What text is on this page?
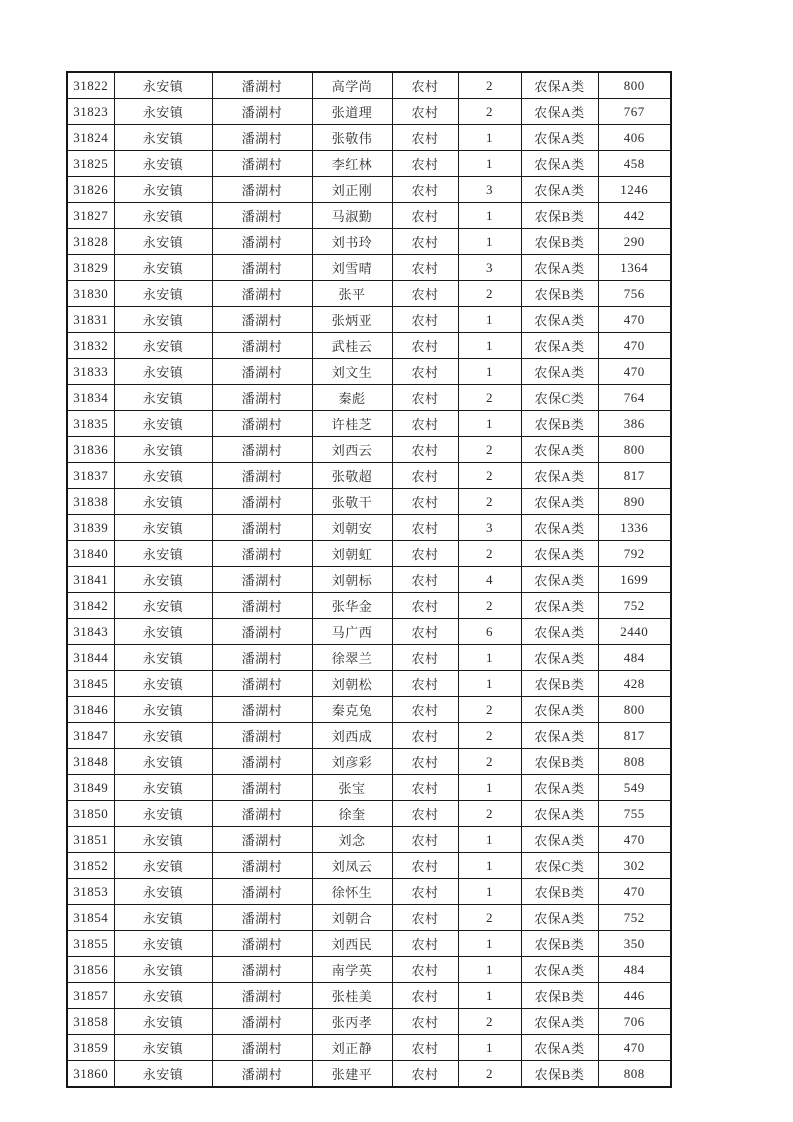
31822	永安镇	潘湖村	高学尚	农村	2	农保A类	800
31823	永安镇	潘湖村	张道理	农村	2	农保A类	767
31824	永安镇	潘湖村	张敬伟	农村	1	农保A类	406
31825	永安镇	潘湖村	李红林	农村	1	农保A类	458
31826	永安镇	潘湖村	刘正刚	农村	3	农保A类	1246
31827	永安镇	潘湖村	马淑勤	农村	1	农保B类	442
31828	永安镇	潘湖村	刘书玲	农村	1	农保B类	290
31829	永安镇	潘湖村	刘雪晴	农村	3	农保A类	1364
31830	永安镇	潘湖村	张平	农村	2	农保B类	756
31831	永安镇	潘湖村	张炳亚	农村	1	农保A类	470
31832	永安镇	潘湖村	武桂云	农村	1	农保A类	470
31833	永安镇	潘湖村	刘文生	农村	1	农保A类	470
31834	永安镇	潘湖村	秦彪	农村	2	农保C类	764
31835	永安镇	潘湖村	许桂芝	农村	1	农保B类	386
31836	永安镇	潘湖村	刘西云	农村	2	农保A类	800
31837	永安镇	潘湖村	张敬超	农村	2	农保A类	817
31838	永安镇	潘湖村	张敬干	农村	2	农保A类	890
31839	永安镇	潘湖村	刘朝安	农村	3	农保A类	1336
31840	永安镇	潘湖村	刘朝虹	农村	2	农保A类	792
31841	永安镇	潘湖村	刘朝标	农村	4	农保A类	1699
31842	永安镇	潘湖村	张华金	农村	2	农保A类	752
31843	永安镇	潘湖村	马广西	农村	6	农保A类	2440
31844	永安镇	潘湖村	徐翠兰	农村	1	农保A类	484
31845	永安镇	潘湖村	刘朝松	农村	1	农保B类	428
31846	永安镇	潘湖村	秦克兔	农村	2	农保A类	800
31847	永安镇	潘湖村	刘西成	农村	2	农保A类	817
31848	永安镇	潘湖村	刘彦彩	农村	2	农保B类	808
31849	永安镇	潘湖村	张宝	农村	1	农保A类	549
31850	永安镇	潘湖村	徐奎	农村	2	农保A类	755
31851	永安镇	潘湖村	刘念	农村	1	农保A类	470
31852	永安镇	潘湖村	刘凤云	农村	1	农保C类	302
31853	永安镇	潘湖村	徐怀生	农村	1	农保B类	470
31854	永安镇	潘湖村	刘朝合	农村	2	农保A类	752
31855	永安镇	潘湖村	刘西民	农村	1	农保B类	350
31856	永安镇	潘湖村	南学英	农村	1	农保A类	484
31857	永安镇	潘湖村	张桂美	农村	1	农保B类	446
31858	永安镇	潘湖村	张丙孝	农村	2	农保A类	706
31859	永安镇	潘湖村	刘正静	农村	1	农保A类	470
31860	永安镇	潘湖村	张建平	农村	2	农保B类	808
